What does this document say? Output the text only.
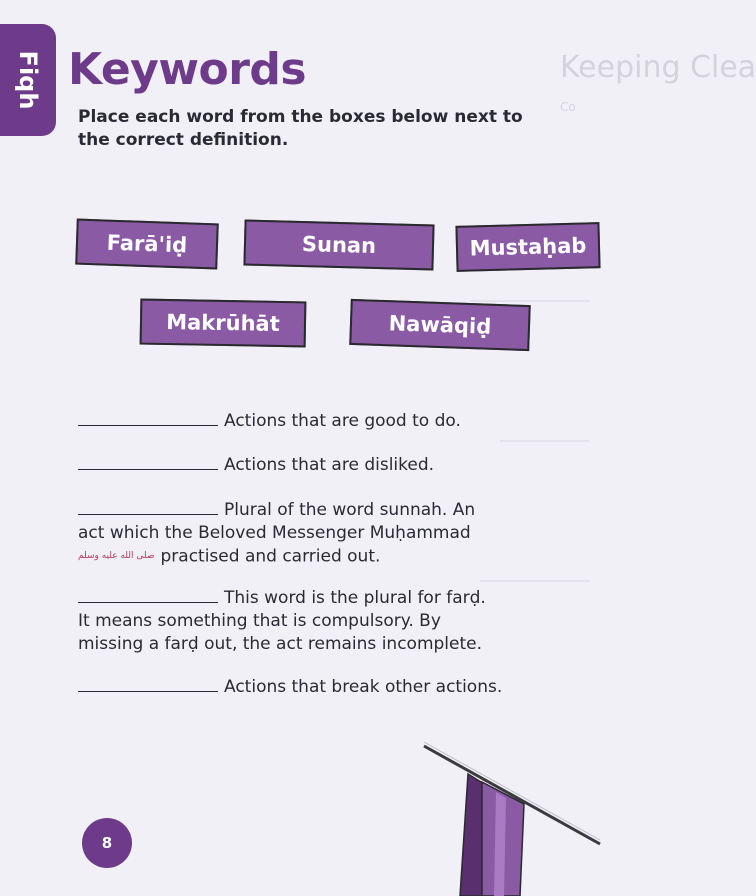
Keeping Clea
Co
Fiqh Keywords
Place each word from the boxes below next to the correct definition.
Farā'iḍ	Sunan	Mustaḥab
Makrūhāt	Nawāqiḍ
Actions that are good to do.
Actions that are disliked.
Plural of the word sunnah. An
act which the Beloved Messenger Muḥammad
صلى الله عليه وسلم practised and carried out.
This word is the plural for farḍ.
It means something that is compulsory. By
missing a farḍ out, the act remains incomplete.
Actions that break other actions.
8
